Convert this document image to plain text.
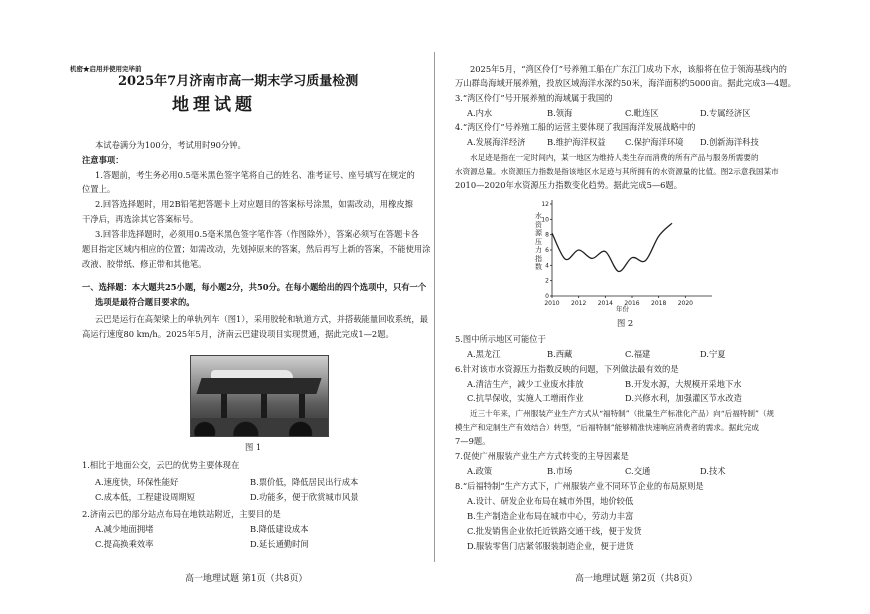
机密★启用并使用完毕前
2025年7月济南市高一期末学习质量检测
地理试题
本试卷满分为100分，考试用时90分钟。
注意事项：
1.答题前，考生务必用0.5毫米黑色签字笔将自己的姓名、准考证号、座号填写在规定的
位置上。
2.回答选择题时，用2B铅笔把答题卡上对应题目的答案标号涂黑，如需改动，用橡皮擦
干净后，再选涂其它答案标号。
3.回答非选择题时，必须用0.5毫米黑色签字笔作答（作图除外），答案必须写在答题卡各
题目指定区域内相应的位置；如需改动，先划掉原来的答案，然后再写上新的答案，不能使用涂
改液、胶带纸、修正带和其他笔。
一、选择题：本大题共25小题，每小题2分，共50分。在每小题给出的四个选项中，只有一个
选项是最符合题目要求的。
云巴是运行在高架梁上的单轨列车（图1），采用胶轮和轨道方式，并搭载能量回收系统，最
高运行速度80 km/h。2025年5月，济南云巴建设项目实现贯通，据此完成1—2题。
图 1
1.相比于地面公交，云巴的优势主要体现在
A.速度快，环保性能好	B.票价低，降低居民出行成本
C.成本低，工程建设周期短	D.功能多，便于欣赏城市风景
2.济南云巴的部分站点布局在地铁站附近，主要目的是
A.减少地面拥堵	B.降低建设成本
C.提高换乘效率	D.延长通勤时间
高一地理试题 第1页（共8页）
2025年5月，“湾区伶仃”号养殖工船在广东江门成功下水，该船将在位于领海基线内的
万山群岛海域开展养殖，投放区域海洋水深约50米，海洋面积约5000亩。据此完成3—4题。
3.“湾区伶仃”号开展养殖的海域属于我国的
A.内水	B.领海	C.毗连区	D.专属经济区
4.“湾区伶仃”号养殖工船的运营主要体现了我国海洋发展战略中的
A.发展海洋经济	B.维护海洋权益 C.保护海洋环境 D.创新海洋科技
水足迹是指在一定时间内，某一地区为维持人类生存而消费的所有产品与服务所需要的
水资源总量。水资源压力指数是指该地区水足迹与其所拥有的水资源量的比值。图2示意我国某市
2010—2020年水资源压力指数变化趋势。据此完成5—6题。
0
2
4
6
8
10
12
2010 2012 2014 2016 2018 2020
水资源压力指数
年份
图 2
5.图中所示地区可能位于
A.黑龙江	B.西藏	C.福建	D.宁夏
6.针对该市水资源压力指数反映的问题，下列做法最有效的是
A.清洁生产，减少工业废水排放	B.开发水源，大规模开采地下水
C.抗旱保收，实施人工增雨作业	D.兴修水利，加强灌区节水改造
近三十年来，广州服装产业生产方式从“福特制”（批量生产标准化产品）向“后福特制”（规
模生产和定制生产有效结合）转型，“后福特制”能够精准快速响应消费者的需求。据此完成
7—9题。
7.促使广州服装产业生产方式转变的主导因素是
A.政策	B.市场	C.交通	D.技术
8.“后福特制”生产方式下，广州服装产业不同环节企业的布局原则是
A.设计、研发企业布局在城市外围，地价较低
B.生产制造企业布局在城市中心，劳动力丰富
C.批发销售企业依托近铁路交通干线，便于发货
D.服装零售门店紧邻服装制造企业，便于进货
高一地理试题 第2页（共8页）
